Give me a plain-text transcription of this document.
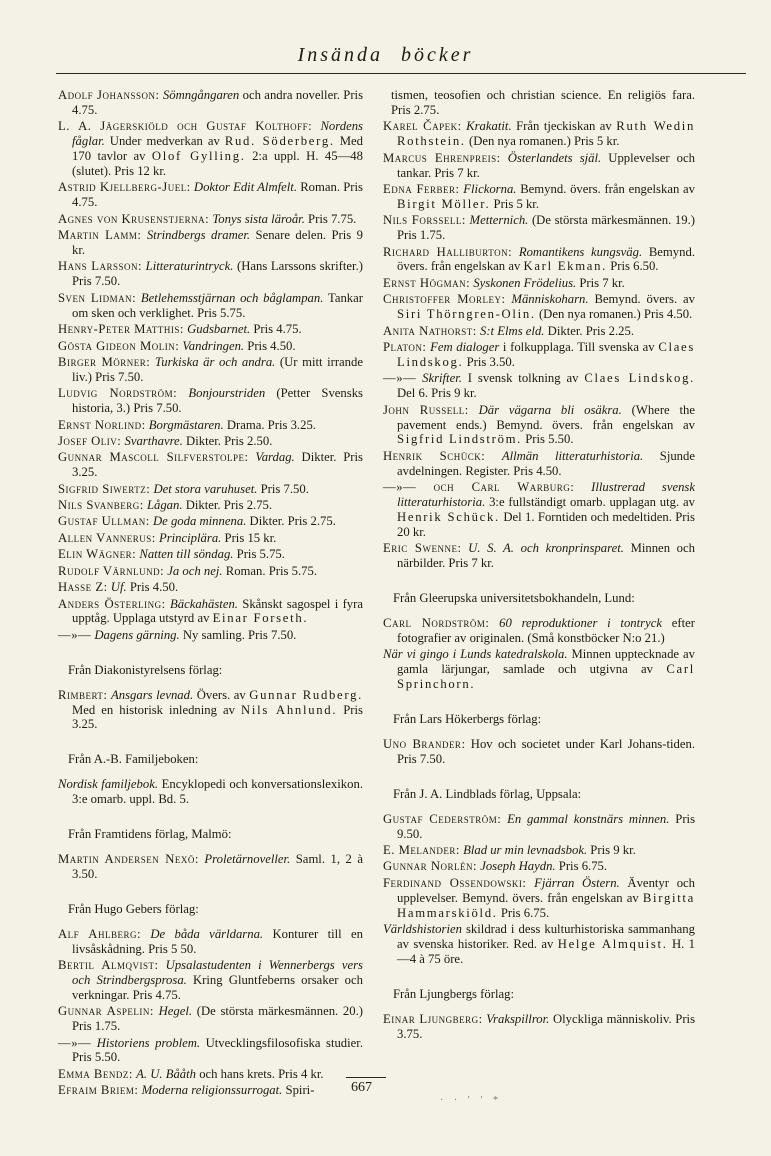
Insända böcker

Adolf Johansson: Sömngångaren och andra noveller. Pris 4.75.

L. A. Jägerskiöld och Gustaf Kolthoff: Nordens fåglar. Under medverkan av Rud. Söderberg. Med 170 tavlor av Olof Gylling. 2:a uppl. H. 45—48 (slutet). Pris 12 kr.

Astrid Kjellberg-Juel: Doktor Edit Almfelt. Roman. Pris 4.75.

Agnes von Krusenstjerna: Tonys sista läroår. Pris 7.75.

Martin Lamm: Strindbergs dramer. Senare delen. Pris 9 kr.

Hans Larsson: Litteraturintryck. (Hans Larssons skrifter.) Pris 7.50.

Sven Lidman: Betlehemsstjärnan och båglampan. Tankar om sken och verklighet. Pris 5.75.

Henry-Peter Matthis: Gudsbarnet. Pris 4.75.

Gösta Gideon Molin: Vandringen. Pris 4.50.

Birger Mörner: Turkiska är och andra. (Ur mitt irrande liv.) Pris 7.50.

Ludvig Nordström: Bonjourstriden (Petter Svensks historia, 3.) Pris 7.50.

Ernst Norlind: Borgmästaren. Drama. Pris 3.25.

Josef Oliv: Svarthavre. Dikter. Pris 2.50.

Gunnar Mascoll Silfverstolpe: Vardag. Dikter. Pris 3.25.

Sigfrid Siwertz: Det stora varuhuset. Pris 7.50.

Nils Svanberg: Lågan. Dikter. Pris 2.75.

Gustaf Ullman: De goda minnena. Dikter. Pris 2.75.

Allen Vannerus: Principlära. Pris 15 kr.

Elin Wägner: Natten till söndag. Pris 5.75.

Rudolf Värnlund: Ja och nej. Roman. Pris 5.75.

Hasse Z: Uf. Pris 4.50.

Anders Österling: Bäckahästen. Skånskt sagospel i fyra upptåg. Upplaga utstyrd av Einar Forseth.

—»— Dagens gärning. Ny samling. Pris 7.50.

Från Diakonistyrelsens förlag:

Rimbert: Ansgars levnad. Övers. av Gunnar Rudberg. Med en historisk inledning av Nils Ahnlund. Pris 3.25.

Från A.-B. Familjeboken:

Nordisk familjebok. Encyklopedi och konversationslexikon. 3:e omarb. uppl. Bd. 5.

Från Framtidens förlag, Malmö:

Martin Andersen Nexö: Proletärnoveller. Saml. 1, 2 à 3.50.

Från Hugo Gebers förlag:

Alf Ahlberg: De båda världarna. Konturer till en livsåskådning. Pris 5 50.

Bertil Almqvist: Upsalastudenten i Wennerbergs vers och Strindbergsprosa. Kring Gluntfeberns orsaker och verkningar. Pris 4.75.

Gunnar Aspelin: Hegel. (De största märkesmännen. 20.) Pris 1.75.

—»— Historiens problem. Utvecklingsfilosofiska studier. Pris 5.50.

Emma Bendz: A. U. Bååth och hans krets. Pris 4 kr.

Efraim Briem: Moderna religionssurrogat. Spiri-

tismen, teosofien och christian science. En religiös fara. Pris 2.75.

Karel Čapek: Krakatit. Från tjeckiskan av Ruth Wedin Rothstein. (Den nya romanen.) Pris 5 kr.

Marcus Ehrenpreis: Österlandets själ. Upplevelser och tankar. Pris 7 kr.

Edna Ferber: Flickorna. Bemynd. övers. från engelskan av Birgit Möller. Pris 5 kr.

Nils Forssell: Metternich. (De största märkesmännen. 19.) Pris 1.75.

Richard Halliburton: Romantikens kungsväg. Bemynd. övers. från engelskan av Karl Ekman. Pris 6.50.

Ernst Högman: Syskonen Frödelius. Pris 7 kr.

Christoffer Morley: Människoharn. Bemynd. övers. av Siri Thörngren-Olin. (Den nya romanen.) Pris 4.50.

Anita Nathorst: S:t Elms eld. Dikter. Pris 2.25.

Platon: Fem dialoger i folkupplaga. Till svenska av Claes Lindskog. Pris 3.50.

—»— Skrifter. I svensk tolkning av Claes Lindskog. Del 6. Pris 9 kr.

John Russell: Där vägarna bli osäkra. (Where the pavement ends.) Bemynd. övers. från engelskan av Sigfrid Lindström. Pris 5.50.

Henrik Schück: Allmän litteraturhistoria. Sjunde avdelningen. Register. Pris 4.50.

—»— och Carl Warburg: Illustrerad svensk litteraturhistoria. 3:e fullständigt omarb. upplagan utg. av Henrik Schück. Del 1. Forntiden och medeltiden. Pris 20 kr.

Eric Swenne: U. S. A. och kronprinsparet. Minnen och närbilder. Pris 7 kr.

Från Gleerupska universitetsbokhandeln, Lund:

Carl Nordström: 60 reproduktioner i tontryck efter fotografier av originalen. (Små konstböcker N:o 21.)

När vi gingo i Lunds katedralskola. Minnen upptecknade av gamla lärjungar, samlade och utgivna av Carl Sprinchorn.

Från Lars Hökerbergs förlag:

Uno Brander: Hov och societet under Karl Johans-tiden. Pris 7.50.

Från J. A. Lindblads förlag, Uppsala:

Gustaf Cederström: En gammal konstnärs minnen. Pris 9.50.

E. Melander: Blad ur min levnadsbok. Pris 9 kr.

Gunnar Norlén: Joseph Haydn. Pris 6.75.

Ferdinand Ossendowski: Fjärran Östern. Äventyr och upplevelser. Bemynd. övers. från engelskan av Birgitta Hammarskiöld. Pris 6.75.

Världshistorien skildrad i dess kulturhistoriska sammanhang av svenska historiker. Red. av Helge Almquist. H. 1—4 à 75 öre.

Från Ljungbergs förlag:

Einar Ljungberg: Vrakspillror. Olyckliga människoliv. Pris 3.75.

667
· · ′ ′ *
